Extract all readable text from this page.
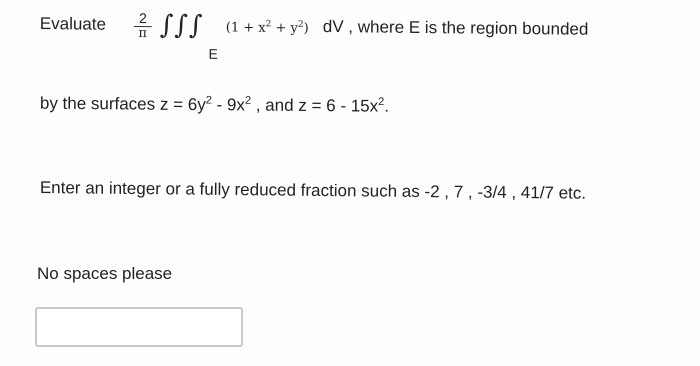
Evaluate $\frac{2}{\pi}$ ∫∫∫
E
$(1 + x^2 + y^2)$ dV , where E is the region bounded
by the surfaces $z = 6y^2 - 9x^2$ , and $z = 6 - 15x^2$.
Enter an integer or a fully reduced fraction such as -2 , 7 , -3/4 , 41/7 etc.
No spaces please
